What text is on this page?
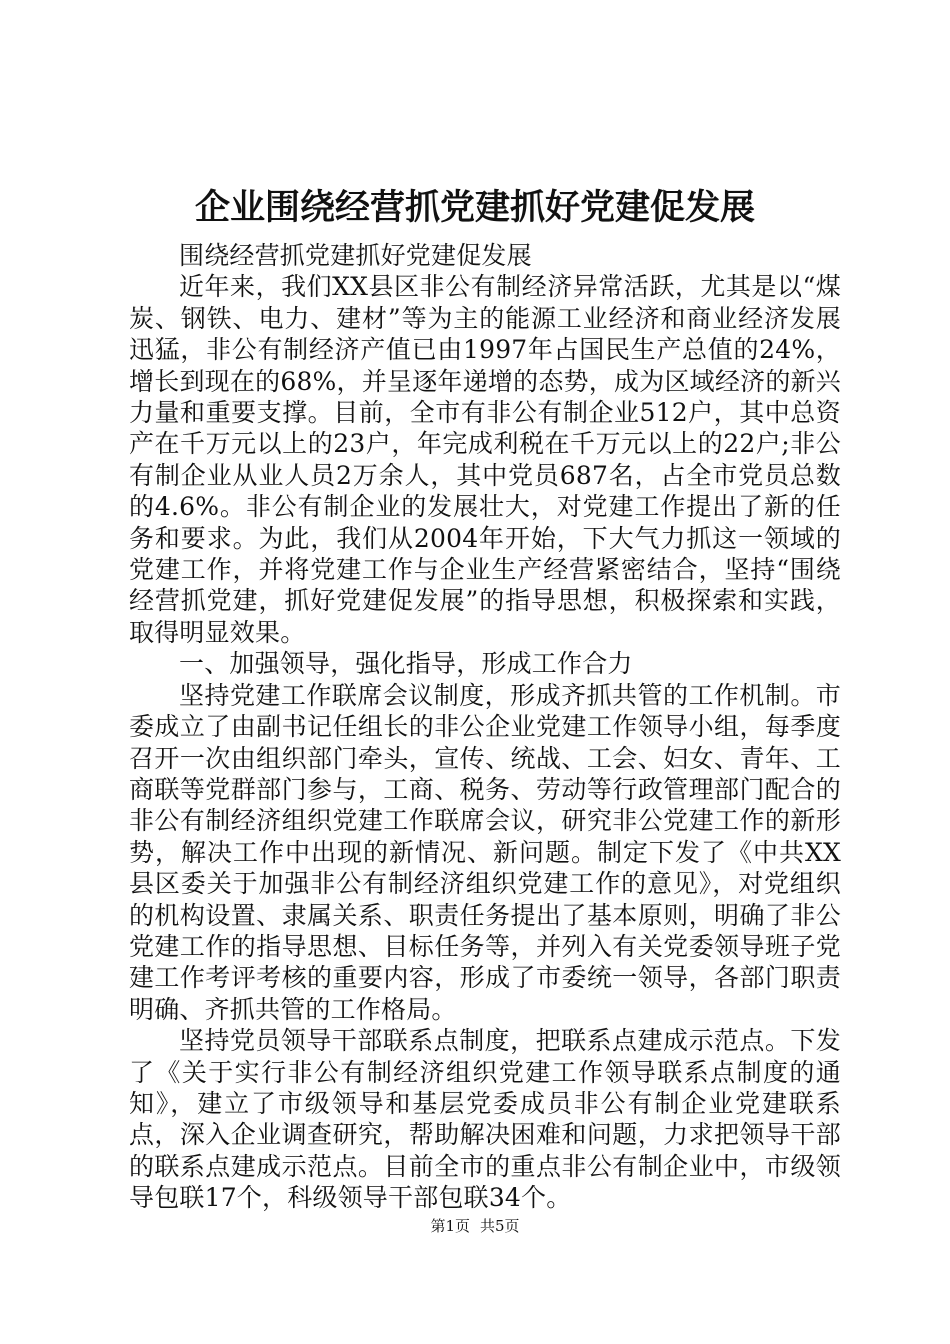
企业围绕经营抓党建抓好党建促发展

围绕经营抓党建抓好党建促发展

近年来，我们XX县区非公有制经济异常活跃，尤其是以“煤炭、钢铁、电力、建材”等为主的能源工业经济和商业经济发展迅猛，非公有制经济产值已由1997年占国民生产总值的24%，增长到现在的68%，并呈逐年递增的态势，成为区域经济的新兴力量和重要支撑。目前，全市有非公有制企业512户，其中总资产在千万元以上的23户，年完成利税在千万元以上的22户;非公有制企业从业人员2万余人，其中党员687名，占全市党员总数的4.6%。非公有制企业的发展壮大，对党建工作提出了新的任务和要求。为此，我们从2004年开始，下大气力抓这一领域的党建工作，并将党建工作与企业生产经营紧密结合，坚持“围绕经营抓党建，抓好党建促发展”的指导思想，积极探索和实践，取得明显效果。

一、加强领导，强化指导，形成工作合力

坚持党建工作联席会议制度，形成齐抓共管的工作机制。市委成立了由副书记任组长的非公企业党建工作领导小组，每季度召开一次由组织部门牵头，宣传、统战、工会、妇女、青年、工商联等党群部门参与，工商、税务、劳动等行政管理部门配合的非公有制经济组织党建工作联席会议，研究非公党建工作的新形势，解决工作中出现的新情况、新问题。制定下发了《中共XX县区委关于加强非公有制经济组织党建工作的意见》，对党组织的机构设置、隶属关系、职责任务提出了基本原则，明确了非公党建工作的指导思想、目标任务等，并列入有关党委领导班子党建工作考评考核的重要内容，形成了市委统一领导，各部门职责明确、齐抓共管的工作格局。

坚持党员领导干部联系点制度，把联系点建成示范点。下发了《关于实行非公有制经济组织党建工作领导联系点制度的通知》，建立了市级领导和基层党委成员非公有制企业党建联系点，深入企业调查研究，帮助解决困难和问题，力求把领导干部的联系点建成示范点。目前全市的重点非公有制企业中，市级领导包联17个，科级领导干部包联34个。

第1页 共5页
